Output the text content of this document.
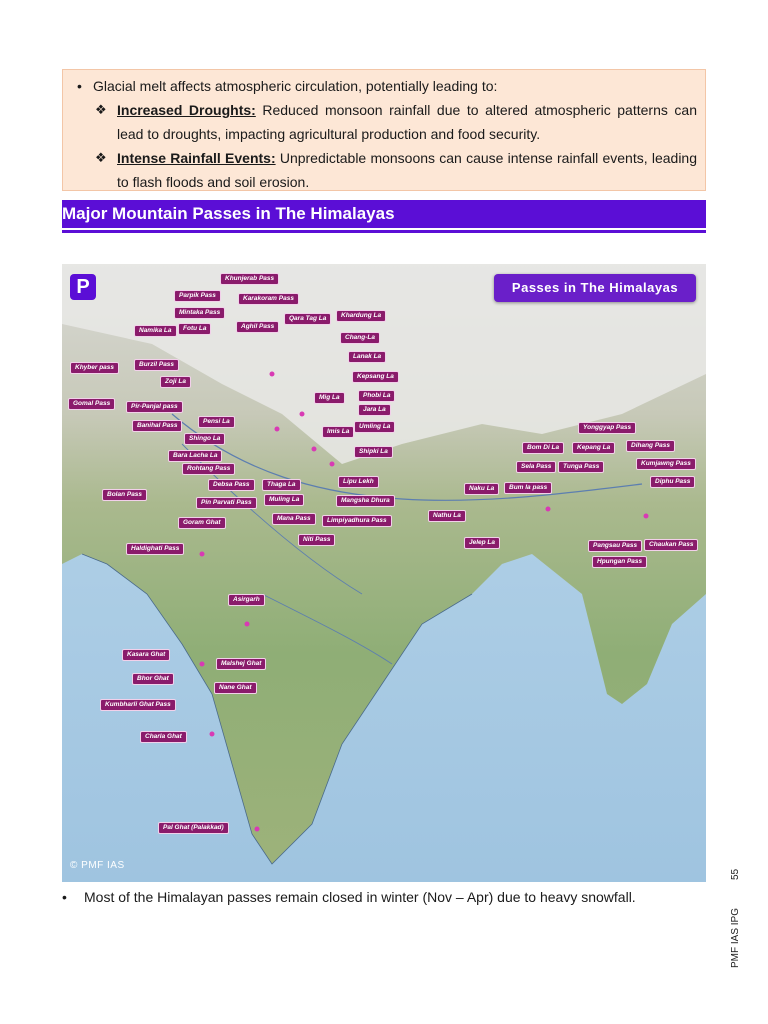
• Glacial melt affects atmospheric circulation, potentially leading to:
❖ Increased Droughts: Reduced monsoon rainfall due to altered atmospheric patterns can lead to droughts, impacting agricultural production and food security.
❖ Intense Rainfall Events: Unpredictable monsoons can cause intense rainfall events, leading to flash floods and soil erosion.
Major Mountain Passes in The Himalayas
P	Passes in The Himalayas
Khunjerab Pass
Parpik Pass	Karakoram Pass
Mintaka Pass
Aghil Pass
Qara Tag La	Khardung La
Namika La	Fotu La
Chang-La
Lanak La
Khyber pass	Burzil Pass
Kepsang La
Zoji La
Phobi La
Gomal Pass	Pir-Panjal pass
Mig La
Jara La
Banihal Pass
Pensi La
Imis La
Umling La	Yonggyap Pass
Shingo La
Shipki La
Bom Di La	Kepang La	Dihang Pass
Bara Lacha La
Sela Pass	Tunga Pass	Kumjawng Pass
Rohtang Pass
Debsa Pass	Thaga La	Lipu Lekh	Diphu Pass
Bolan Pass
Pin Parvati Pass	Muling La	Mangsha Dhura
Naku La	Bum la pass
Mana Pass	Limpiyadhura Pass
Nathu La
Goram Ghat
Niti Pass	Jelep La	Pangsau Pass	Chaukan Pass
Haldighati Pass
Hpungan Pass
Asirgarh
Kasara Ghat
Malshej Ghat
Bhor Ghat
Nane Ghat
Kumbharli Ghat Pass
Charla Ghat
Pal Ghat (Palakkad)
© PMF IAS
• Most of the Himalayan passes remain closed in winter (Nov – Apr) due to heavy snowfall.
55
PMF IAS IPG
